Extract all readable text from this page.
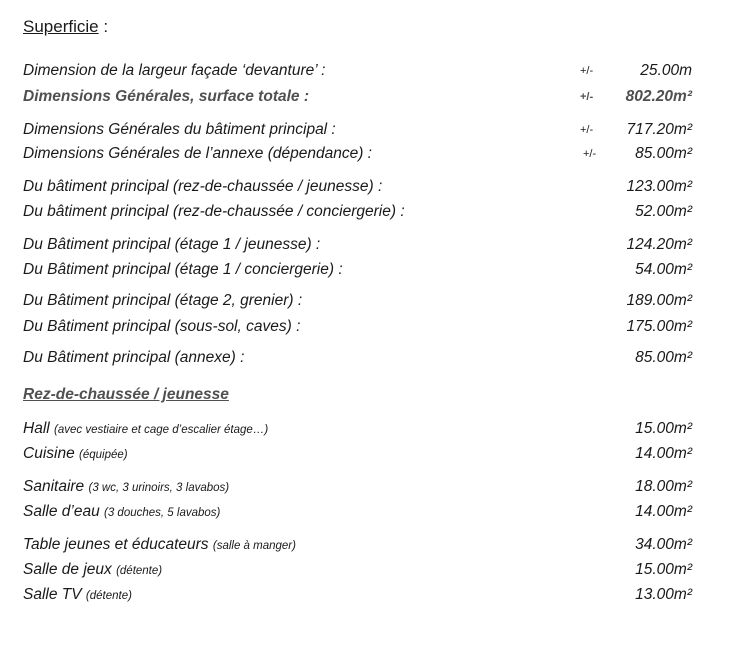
Superficie :
Dimension de la largeur façade ‘devanture’ :	+/-	25.00m
Dimensions Générales, surface totale :	+/- 802.20m²
Dimensions Générales du bâtiment principal :	+/- 717.20m²
Dimensions Générales de l’annexe (dépendance) :	+/-	85.00m²
Du bâtiment principal (rez-de-chaussée / jeunesse) :	123.00m²
Du bâtiment principal (rez-de-chaussée / conciergerie) :	52.00m²
Du Bâtiment principal (étage 1 / jeunesse) :	124.20m²
Du Bâtiment principal (étage 1 / conciergerie) :	54.00m²
Du Bâtiment principal (étage 2, grenier) :	189.00m²
Du Bâtiment principal (sous-sol, caves) :	175.00m²
Du Bâtiment principal (annexe) :	85.00m²
Rez-de-chaussée / jeunesse
Hall (avec vestiaire et cage d’escalier étage…)	15.00m²
Cuisine (équipée)	14.00m²
Sanitaire (3 wc, 3 urinoirs, 3 lavabos)	18.00m²
Salle d’eau (3 douches, 5 lavabos)	14.00m²
Table jeunes et éducateurs (salle à manger)	34.00m²
Salle de jeux (détente)	15.00m²
Salle TV (détente)	13.00m²
